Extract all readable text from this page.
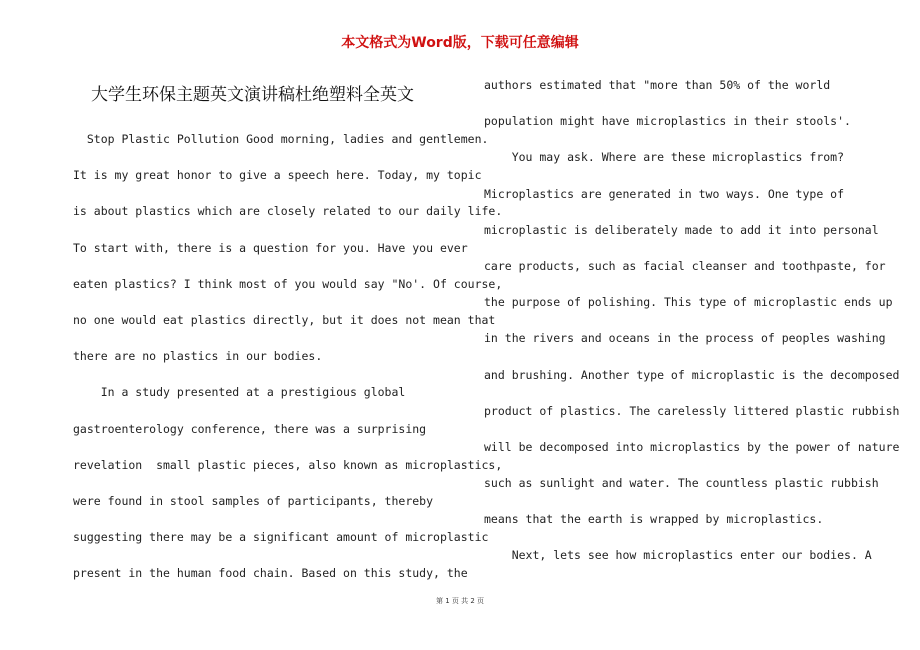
本文格式为Word版，下载可任意编辑
大学生环保主题英文演讲稿杜绝塑料全英文
Stop Plastic Pollution Good morning, ladies and gentlemen.
It is my great honor to give a speech here. Today, my topic
is about plastics which are closely related to our daily life.
To start with, there is a question for you. Have you ever
eaten plastics? I think most of you would say "No'. Of course,
no one would eat plastics directly, but it does not mean that
there are no plastics in our bodies.
In a study presented at a prestigious global
gastroenterology conference, there was a surprising
revelation  small plastic pieces, also known as microplastics,
were found in stool samples of participants, thereby
suggesting there may be a significant amount of microplastic
present in the human food chain. Based on this study, the
authors estimated that "more than 50% of the world
population might have microplastics in their stools'.
You may ask. Where are these microplastics from?
Microplastics are generated in two ways. One type of
microplastic is deliberately made to add it into personal
care products, such as facial cleanser and toothpaste, for
the purpose of polishing. This type of microplastic ends up
in the rivers and oceans in the process of peoples washing
and brushing. Another type of microplastic is the decomposed
product of plastics. The carelessly littered plastic rubbish
will be decomposed into microplastics by the power of nature
such as sunlight and water. The countless plastic rubbish
means that the earth is wrapped by microplastics.
Next, lets see how microplastics enter our bodies. A
第 1 页 共 2 页
